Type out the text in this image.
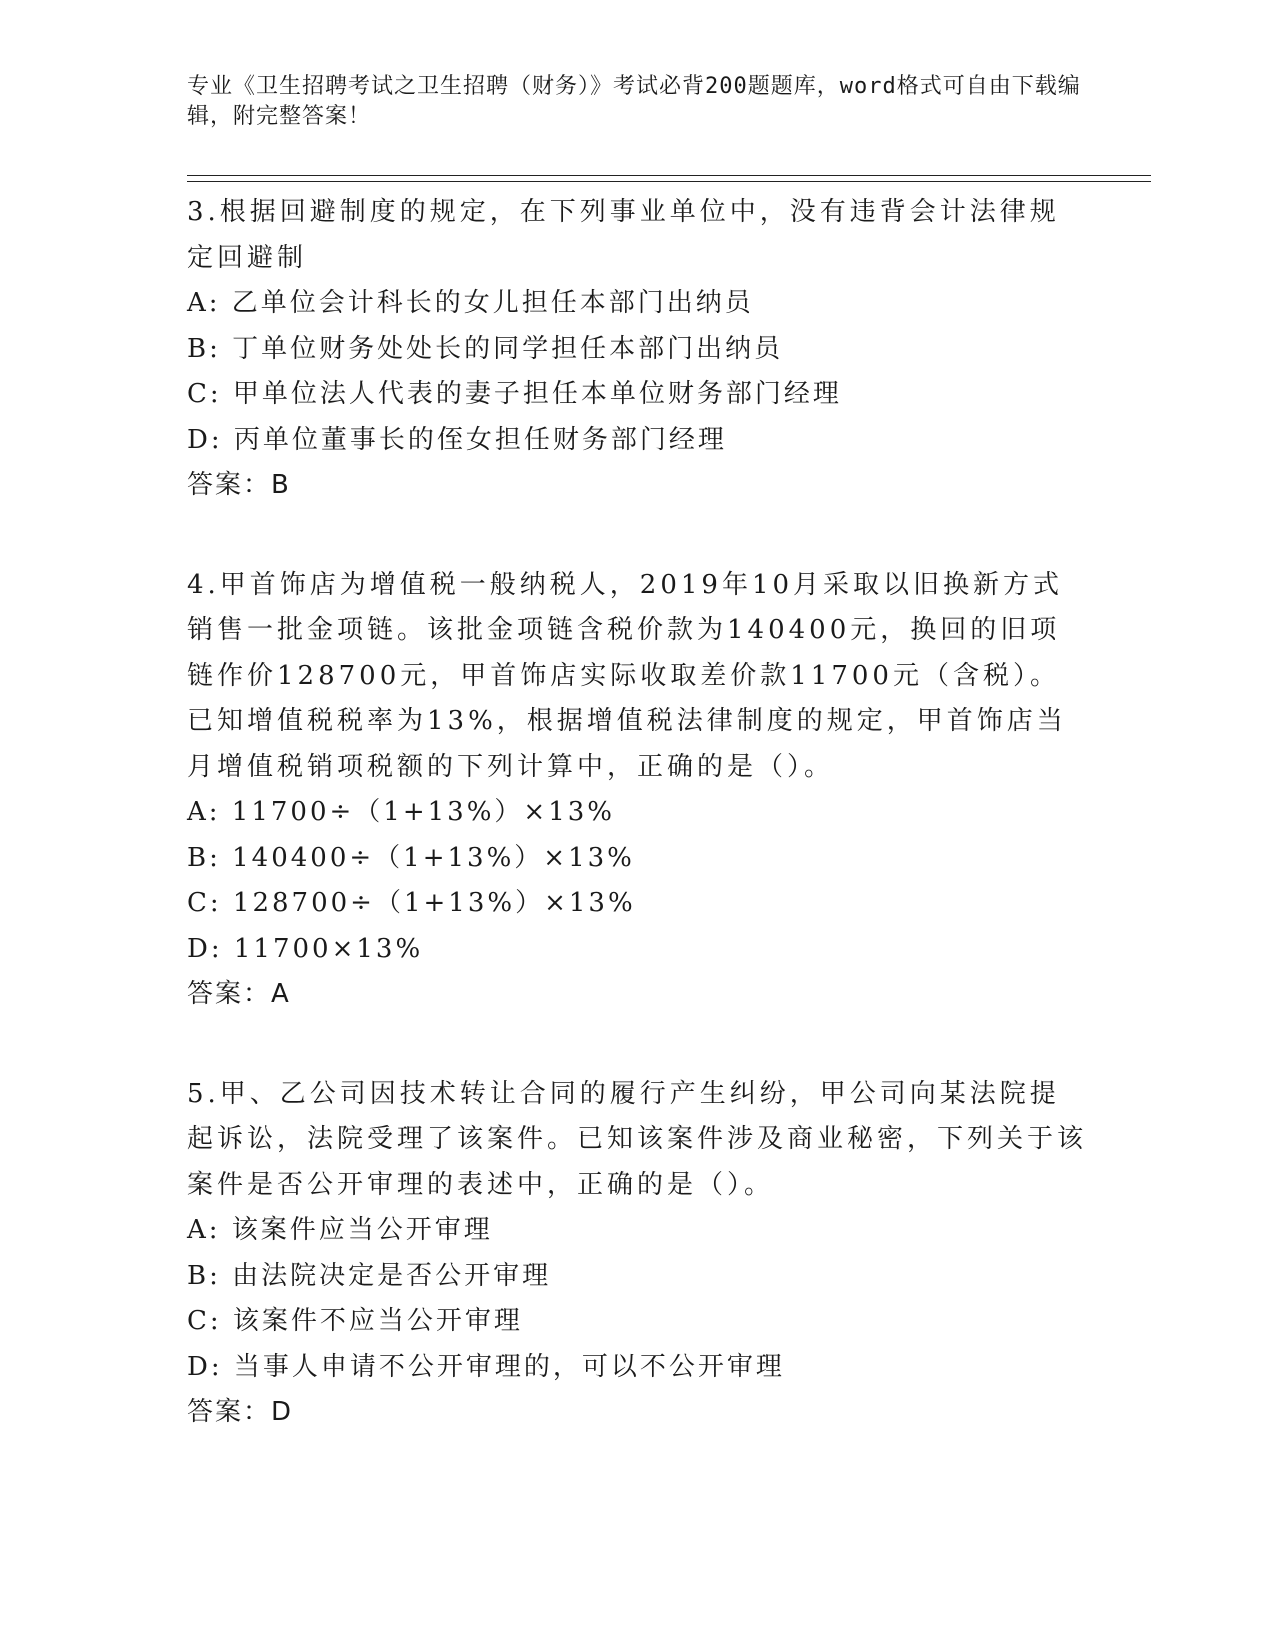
专业《卫生招聘考试之卫生招聘（财务）》考试必背200题题库，word格式可自由下载编辑，附完整答案！

3.根据回避制度的规定，在下列事业单位中，没有违背会计法律规定回避制

A: 乙单位会计科长的女儿担任本部门出纳员

B: 丁单位财务处处长的同学担任本部门出纳员

C: 甲单位法人代表的妻子担任本单位财务部门经理

D: 丙单位董事长的侄女担任财务部门经理

答案：B

4.甲首饰店为增值税一般纳税人，2019年10月采取以旧换新方式销售一批金项链。该批金项链含税价款为140400元，换回的旧项链作价128700元，甲首饰店实际收取差价款11700元（含税）。已知增值税税率为13%，根据增值税法律制度的规定，甲首饰店当月增值税销项税额的下列计算中，正确的是（）。

A: 11700÷（1+13%）×13%

B: 140400÷（1+13%）×13%

C: 128700÷（1+13%）×13%

D: 11700×13%

答案：A

5.甲、乙公司因技术转让合同的履行产生纠纷，甲公司向某法院提起诉讼，法院受理了该案件。已知该案件涉及商业秘密，下列关于该案件是否公开审理的表述中，正确的是（）。

A: 该案件应当公开审理

B: 由法院决定是否公开审理

C: 该案件不应当公开审理

D: 当事人申请不公开审理的，可以不公开审理

答案：D
